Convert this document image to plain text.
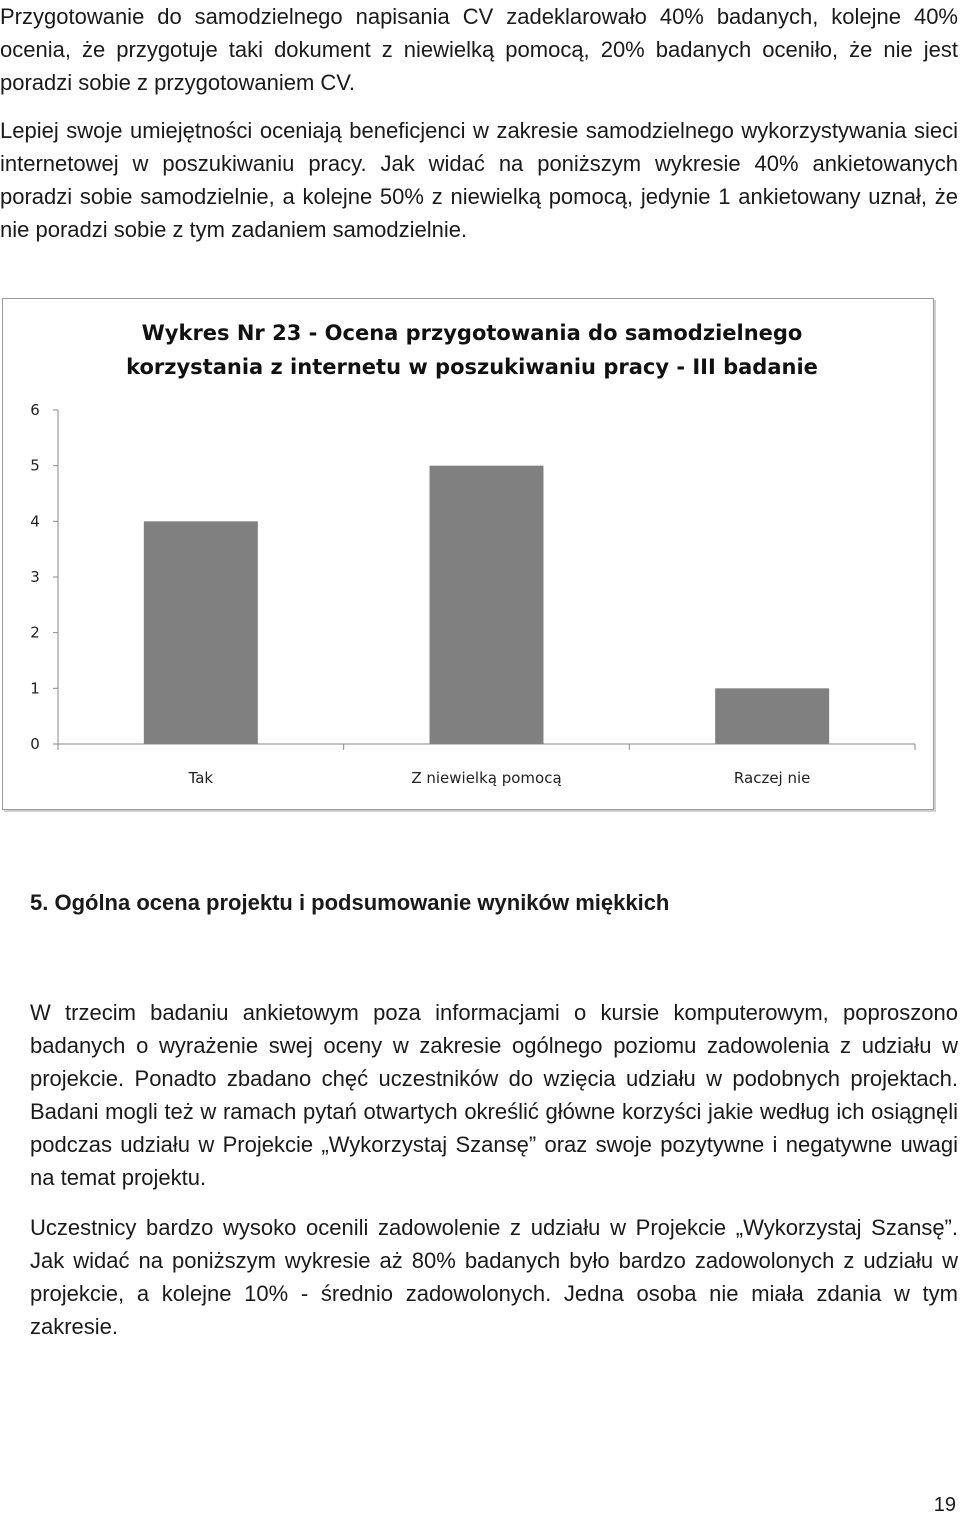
Przygotowanie do samodzielnego napisania CV zadeklarowało 40% badanych, kolejne 40% ocenia, że przygotuje taki dokument z niewielką pomocą, 20% badanych oceniło, że nie jest poradzi sobie z przygotowaniem CV.

Lepiej swoje umiejętności oceniają beneficjenci w zakresie samodzielnego wykorzystywania sieci internetowej w poszukiwaniu pracy. Jak widać na poniższym wykresie 40% ankietowanych poradzi sobie samodzielnie, a kolejne 50% z niewielką pomocą, jedynie 1 ankietowany uznał, że nie poradzi sobie z tym zadaniem samodzielnie.

0
1
2
3
4
5
6
Tak	Z niewielką pomocą	Raczej nie
Wykres Nr 23 - Ocena przygotowania do samodzielnego
korzystania z internetu w poszukiwaniu pracy - III badanie
5. Ogólna ocena projektu i podsumowanie wyników miękkich

W trzecim badaniu ankietowym poza informacjami o kursie komputerowym, poproszono badanych o wyrażenie swej oceny w zakresie ogólnego poziomu zadowolenia z udziału w projekcie. Ponadto zbadano chęć uczestników do wzięcia udziału w podobnych projektach. Badani mogli też w ramach pytań otwartych określić główne korzyści jakie według ich osiągnęli podczas udziału w Projekcie „Wykorzystaj Szansę” oraz swoje pozytywne i negatywne uwagi na temat projektu.

Uczestnicy bardzo wysoko ocenili zadowolenie z udziału w Projekcie „Wykorzystaj Szansę”. Jak widać na poniższym wykresie aż 80% badanych było bardzo zadowolonych z udziału w projekcie, a kolejne 10% - średnio zadowolonych. Jedna osoba nie miała zdania w tym zakresie.

19
